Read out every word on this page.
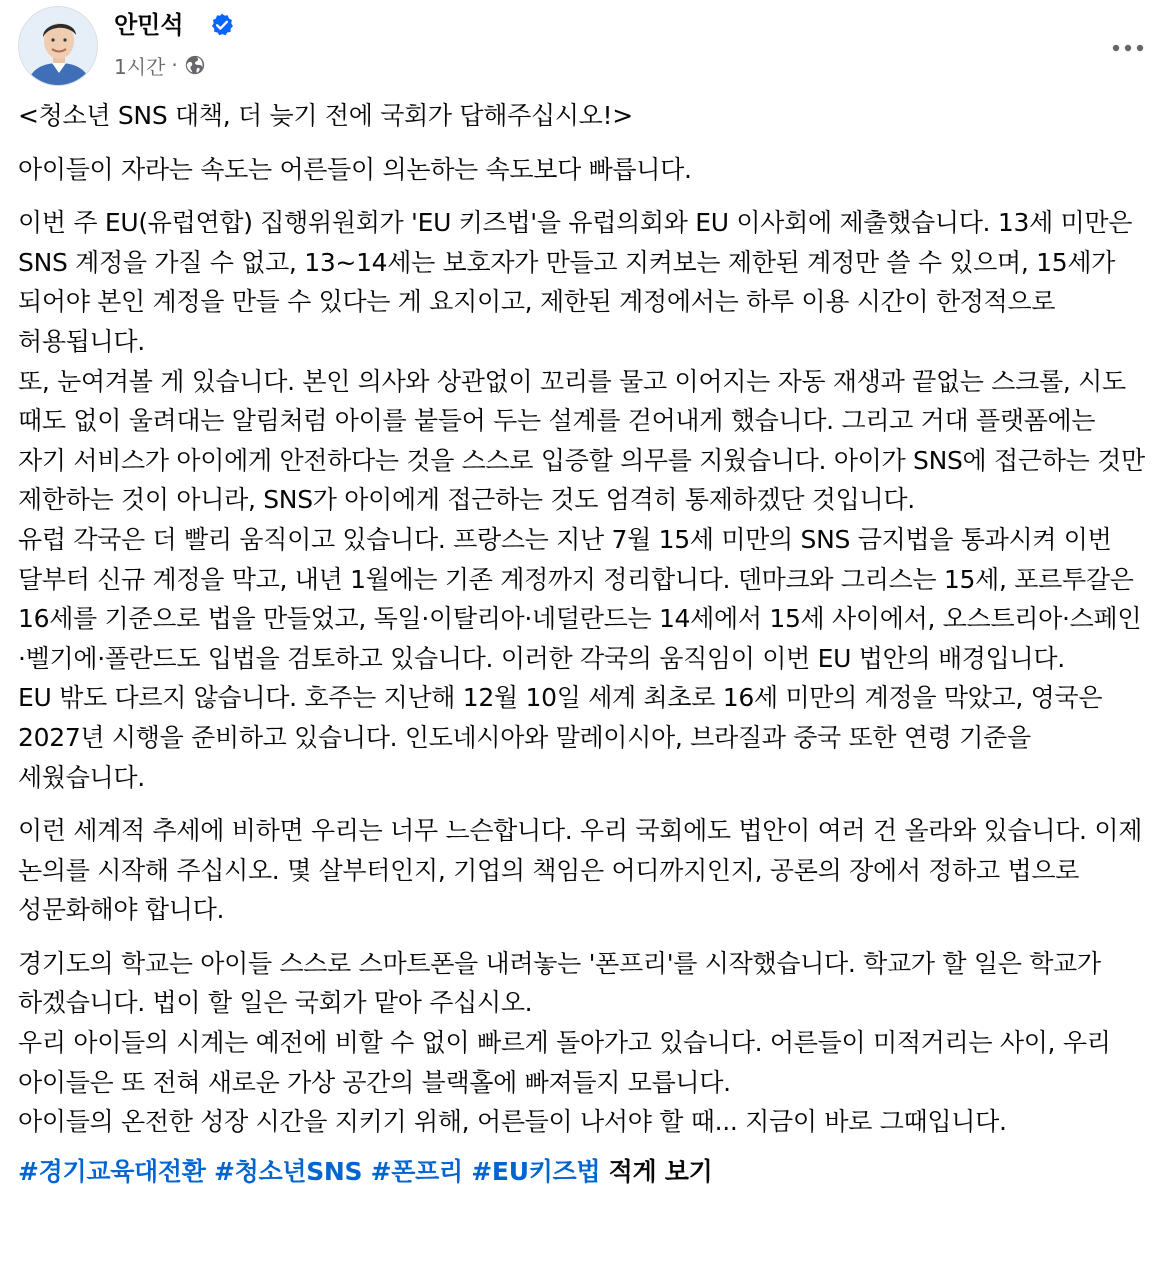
안민석
1시간 ·

<청소년 SNS 대책, 더 늦기 전에 국회가 답해주십시오!>

아이들이 자라는 속도는 어른들이 의논하는 속도보다 빠릅니다.

이번 주 EU(유럽연합) 집행위원회가 'EU 키즈법'을 유럽의회와 EU 이사회에 제출했습니다. 13세 미만은 SNS 계정을 가질 수 없고, 13~14세는 보호자가 만들고 지켜보는 제한된 계정만 쓸 수 있으며, 15세가 되어야 본인 계정을 만들 수 있다는 게 요지이고, 제한된 계정에서는 하루 이용 시간이 한정적으로 허용됩니다.
또, 눈여겨볼 게 있습니다. 본인 의사와 상관없이 꼬리를 물고 이어지는 자동 재생과 끝없는 스크롤, 시도 때도 없이 울려대는 알림처럼 아이를 붙들어 두는 설계를 걷어내게 했습니다. 그리고 거대 플랫폼에는 자기 서비스가 아이에게 안전하다는 것을 스스로 입증할 의무를 지웠습니다. 아이가 SNS에 접근하는 것만 제한하는 것이 아니라, SNS가 아이에게 접근하는 것도 엄격히 통제하겠단 것입니다.
유럽 각국은 더 빨리 움직이고 있습니다. 프랑스는 지난 7월 15세 미만의 SNS 금지법을 통과시켜 이번 달부터 신규 계정을 막고, 내년 1월에는 기존 계정까지 정리합니다. 덴마크와 그리스는 15세, 포르투갈은 16세를 기준으로 법을 만들었고, 독일·이탈리아·네덜란드는 14세에서 15세 사이에서, 오스트리아·스페인·벨기에·폴란드도 입법을 검토하고 있습니다. 이러한 각국의 움직임이 이번 EU 법안의 배경입니다.
EU 밖도 다르지 않습니다. 호주는 지난해 12월 10일 세계 최초로 16세 미만의 계정을 막았고, 영국은 2027년 시행을 준비하고 있습니다. 인도네시아와 말레이시아, 브라질과 중국 또한 연령 기준을 세웠습니다.

이런 세계적 추세에 비하면 우리는 너무 느슨합니다. 우리 국회에도 법안이 여러 건 올라와 있습니다. 이제 논의를 시작해 주십시오. 몇 살부터인지, 기업의 책임은 어디까지인지, 공론의 장에서 정하고 법으로 성문화해야 합니다.

경기도의 학교는 아이들 스스로 스마트폰을 내려놓는 '폰프리'를 시작했습니다. 학교가 할 일은 학교가 하겠습니다. 법이 할 일은 국회가 맡아 주십시오.
우리 아이들의 시계는 예전에 비할 수 없이 빠르게 돌아가고 있습니다. 어른들이 미적거리는 사이, 우리 아이들은 또 전혀 새로운 가상 공간의 블랙홀에 빠져들지 모릅니다.
아이들의 온전한 성장 시간을 지키기 위해, 어른들이 나서야 할 때... 지금이 바로 그때입니다.

#경기교육대전환 #청소년SNS #폰프리 #EU키즈법 적게 보기
